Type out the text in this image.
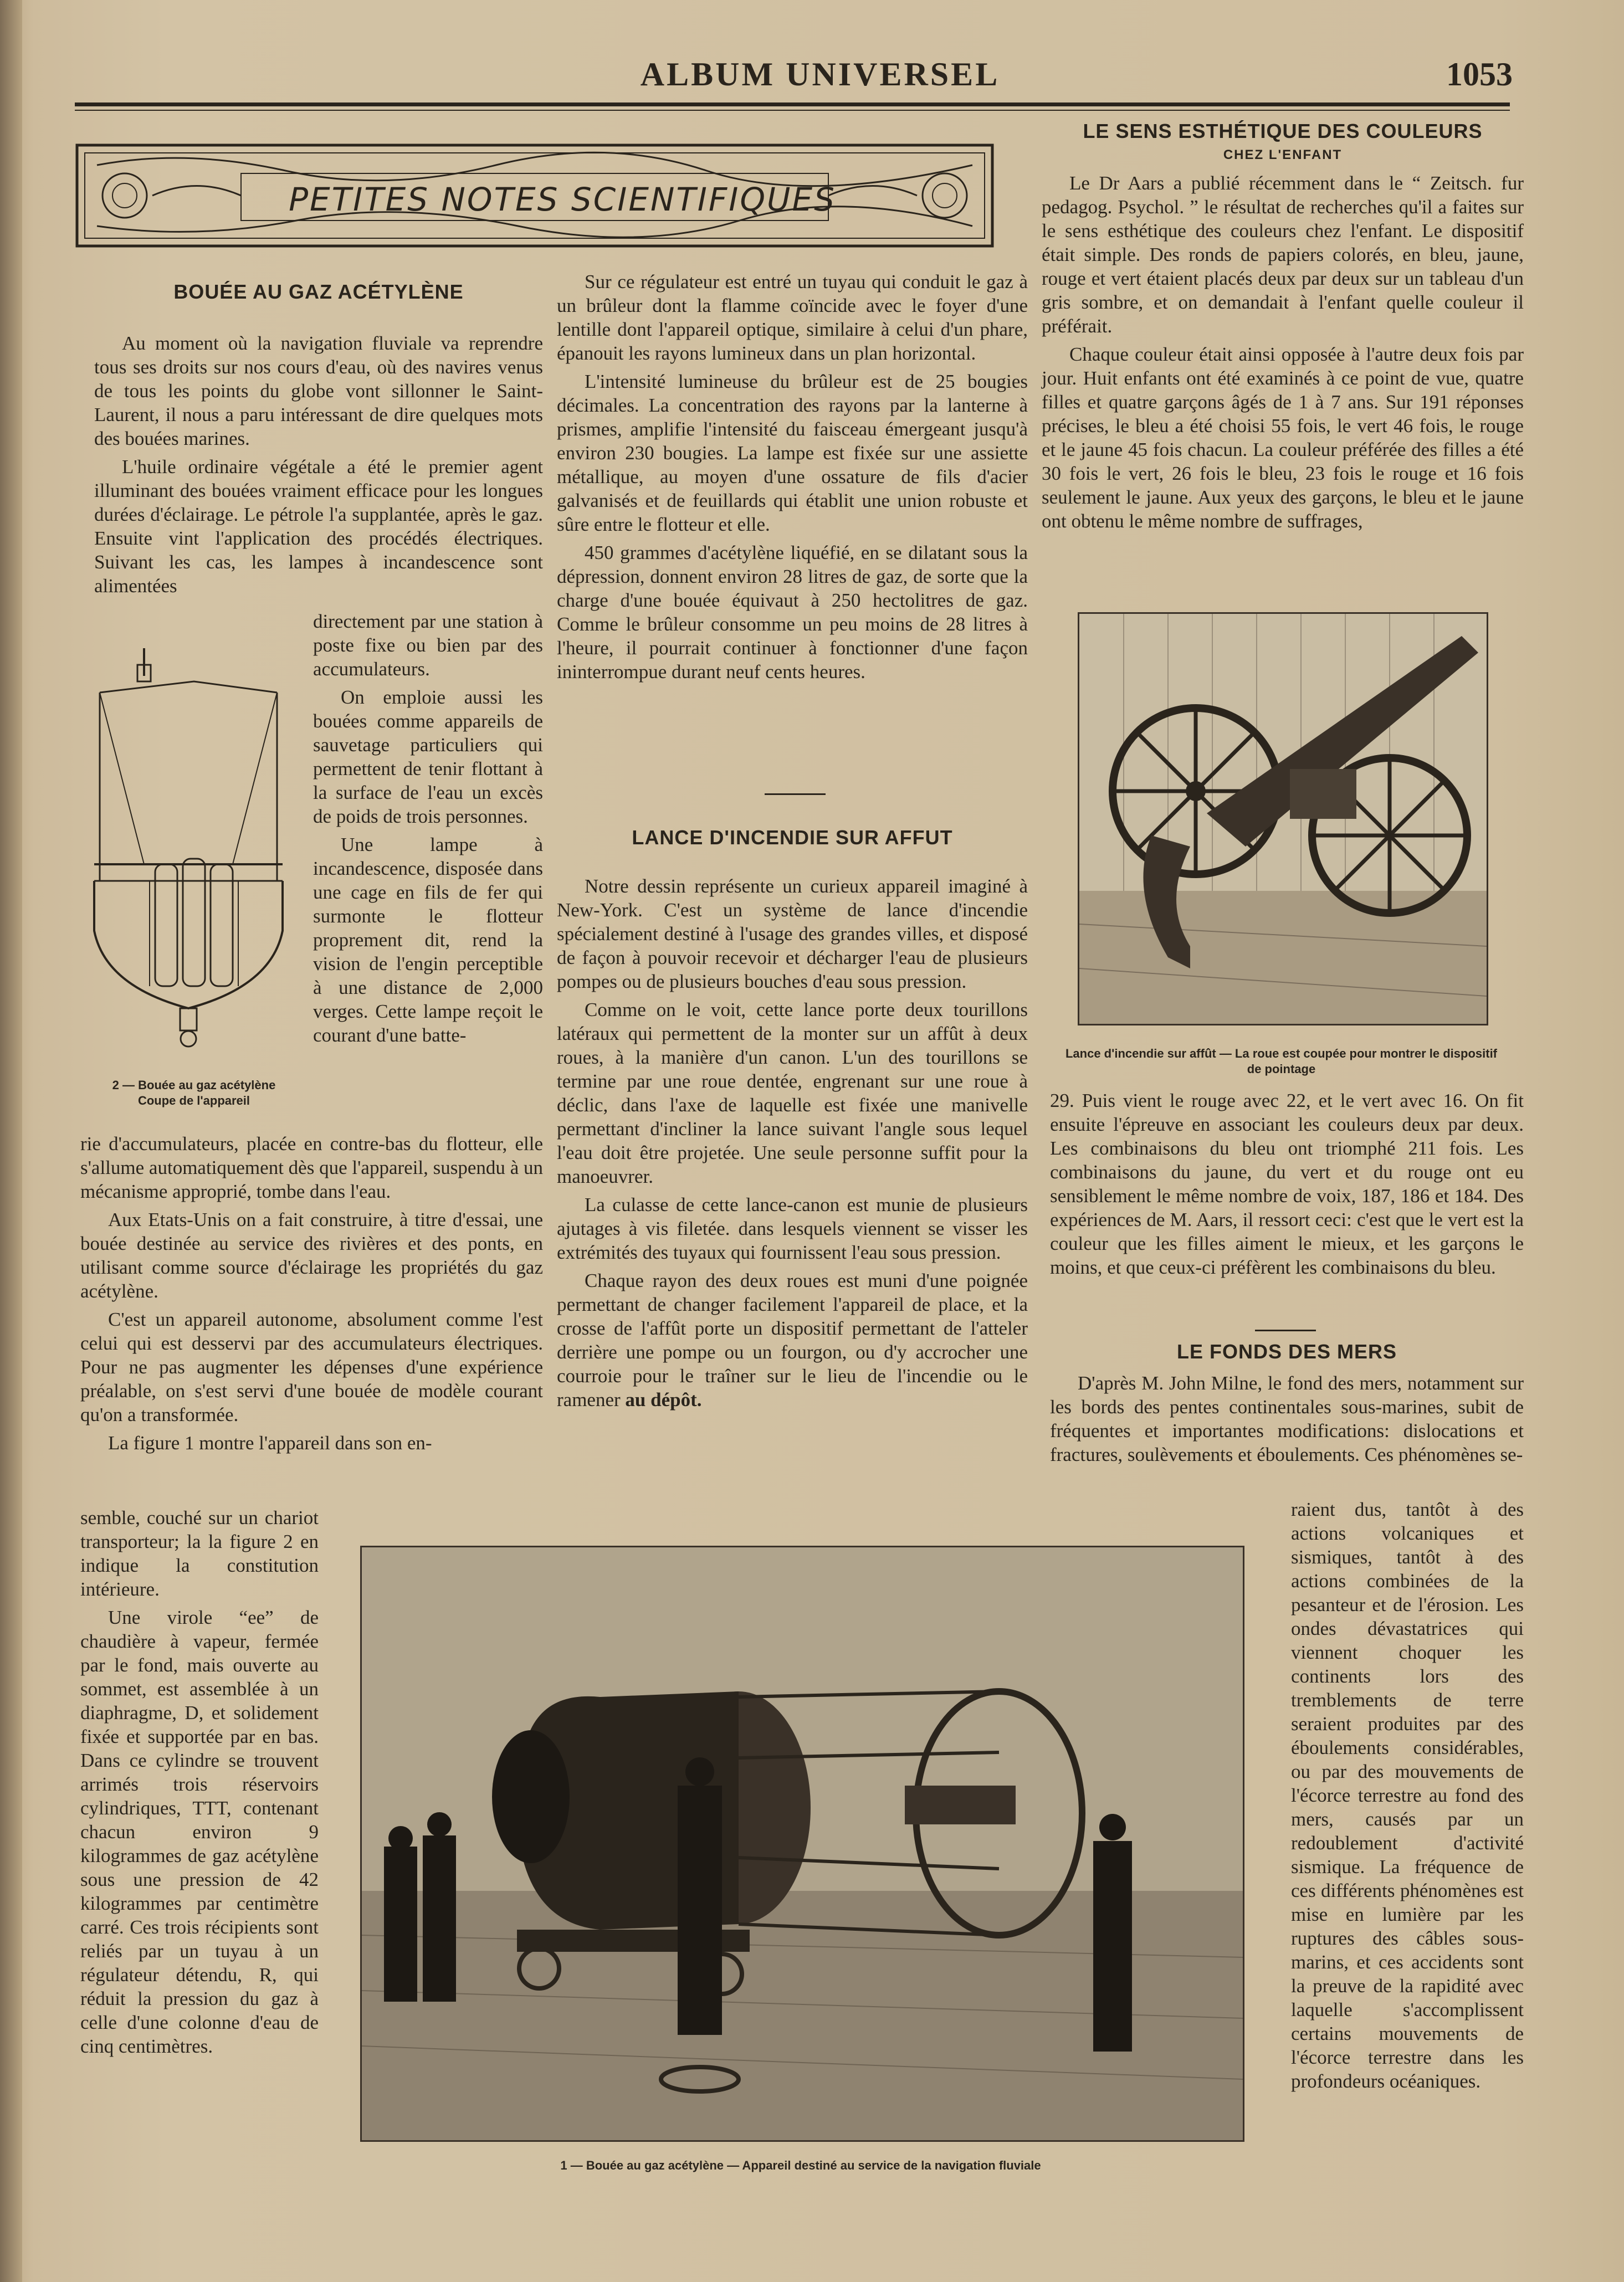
ALBUM UNIVERSEL	1053
PETITES NOTES SCIENTIFIQUES

BOUÉE AU GAZ ACÉTYLÈNE

Au moment où la navigation fluviale va reprendre tous ses droits sur nos cours d'eau, où des navires venus de tous les points du globe vont sillonner le Saint-Laurent, il nous a paru intéressant de dire quelques mots des bouées marines.

L'huile ordinaire végétale a été le premier agent illuminant des bouées vraiment efficace pour les longues durées d'éclairage. Le pétrole l'a supplantée, après le gaz. Ensuite vint l'application des procédés électriques. Suivant les cas, les lampes à incandescence sont alimentées

2 — Bouée au gaz acétylène
Coupe de l'appareil

directement par une station à poste fixe ou bien par des accumulateurs.

On emploie aussi les bouées comme appareils de sauvetage particuliers qui permettent de tenir flottant à la surface de l'eau un excès de poids de trois personnes.

Une lampe à incandescence, disposée dans une cage en fils de fer qui surmonte le flotteur proprement dit, rend la vision de l'engin perceptible à une distance de 2,000 verges. Cette lampe reçoit le courant d'une batte-

rie d'accumulateurs, placée en contre-bas du flotteur, elle s'allume automatiquement dès que l'appareil, suspendu à un mécanisme approprié, tombe dans l'eau.

Aux Etats-Unis on a fait construire, à titre d'essai, une bouée destinée au service des rivières et des ponts, en utilisant comme source d'éclairage les propriétés du gaz acétylène.

C'est un appareil autonome, absolument comme l'est celui qui est desservi par des accumulateurs électriques. Pour ne pas augmenter les dépenses d'une expérience préalable, on s'est servi d'une bouée de modèle courant qu'on a transformée.

La figure 1 montre l'appareil dans son en-

semble, couché sur un chariot transporteur; la la figure 2 en indique la constitution intérieure.

Une virole “ee” de chaudière à vapeur, fermée par le fond, mais ouverte au sommet, est assemblée à un diaphragme, D, et solidement fixée et supportée par en bas. Dans ce cylindre se trouvent arrimés trois réservoirs cylindriques, TTT, contenant chacun environ 9 kilogrammes de gaz acétylène sous une pression de 42 kilogrammes par centimètre carré. Ces trois récipients sont reliés par un tuyau à un régulateur détendu, R, qui réduit la pression du gaz à celle d'une colonne d'eau de cinq centimètres.

Sur ce régulateur est entré un tuyau qui conduit le gaz à un brûleur dont la flamme coïncide avec le foyer d'une lentille dont l'appareil optique, similaire à celui d'un phare, épanouit les rayons lumineux dans un plan horizontal.

L'intensité lumineuse du brûleur est de 25 bougies décimales. La concentration des rayons par la lanterne à prismes, amplifie l'intensité du faisceau émergeant jusqu'à environ 230 bougies. La lampe est fixée sur une assiette métallique, au moyen d'une ossature de fils d'acier galvanisés et de feuillards qui établit une union robuste et sûre entre le flotteur et elle.

450 grammes d'acétylène liquéfié, en se dilatant sous la dépression, donnent environ 28 litres de gaz, de sorte que la charge d'une bouée équivaut à 250 hectolitres de gaz. Comme le brûleur consomme un peu moins de 28 litres à l'heure, il pourrait continuer à fonctionner d'une façon ininterrompue durant neuf cents heures.

LANCE D'INCENDIE SUR AFFUT

Notre dessin représente un curieux appareil imaginé à New-York. C'est un système de lance d'incendie spécialement destiné à l'usage des grandes villes, et disposé de façon à pouvoir recevoir et décharger l'eau de plusieurs pompes ou de plusieurs bouches d'eau sous pression.

Comme on le voit, cette lance porte deux tourillons latéraux qui permettent de la monter sur un affût à deux roues, à la manière d'un canon. L'un des tourillons se termine par une roue dentée, engrenant sur une roue à déclic, dans l'axe de laquelle est fixée une manivelle permettant d'incliner la lance suivant l'angle sous lequel l'eau doit être projetée. Une seule personne suffit pour la manoeuvrer.

La culasse de cette lance-canon est munie de plusieurs ajutages à vis filetée. dans lesquels viennent se visser les extrémités des tuyaux qui fournissent l'eau sous pression.

Chaque rayon des deux roues est muni d'une poignée permettant de changer facilement l'appareil de place, et la crosse de l'affût porte un dispositif permettant de l'atteler derrière une pompe ou un fourgon, ou d'y accrocher une courroie pour le traîner sur le lieu de l'incendie ou le ramener au dépôt.

LE SENS ESTHÉTIQUE DES COULEURS

CHEZ L'ENFANT

Le Dr Aars a publié récemment dans le “ Zeitsch. fur pedagog. Psychol. ” le résultat de recherches qu'il a faites sur le sens esthétique des couleurs chez l'enfant. Le dispositif était simple. Des ronds de papiers colorés, en bleu, jaune, rouge et vert étaient placés deux par deux sur un tableau d'un gris sombre, et on demandait à l'enfant quelle couleur il préférait.

Chaque couleur était ainsi opposée à l'autre deux fois par jour. Huit enfants ont été examinés à ce point de vue, quatre filles et quatre garçons âgés de 1 à 7 ans. Sur 191 réponses précises, le bleu a été choisi 55 fois, le vert 46 fois, le rouge et le jaune 45 fois chacun. La couleur préférée des filles a été 30 fois le vert, 26 fois le bleu, 23 fois le rouge et 16 fois seulement le jaune. Aux yeux des garçons, le bleu et le jaune ont obtenu le même nombre de suffrages,

Lance d'incendie sur affût — La roue est coupée pour montrer le dispositif de pointage

29. Puis vient le rouge avec 22, et le vert avec 16. On fit ensuite l'épreuve en associant les couleurs deux par deux. Les combinaisons du bleu ont triomphé 211 fois. Les combinaisons du jaune, du vert et du rouge ont eu sensiblement le même nombre de voix, 187, 186 et 184. Des expériences de M. Aars, il ressort ceci: c'est que le vert est la couleur que les filles aiment le mieux, et les garçons le moins, et que ceux-ci préfèrent les combinaisons du bleu.

LE FONDS DES MERS

D'après M. John Milne, le fond des mers, notamment sur les bords des pentes continentales sous-marines, subit de fréquentes et importantes modifications: dislocations et fractures, soulèvements et éboulements. Ces phénomènes se-

raient dus, tantôt à des actions volcaniques et sismiques, tantôt à des actions combinées de la pesanteur et de l'érosion. Les ondes dévastatrices qui viennent choquer les continents lors des tremblements de terre seraient produites par des éboulements considérables, ou par des mouvements de l'écorce terrestre au fond des mers, causés par un redoublement d'activité sismique. La fréquence de ces différents phénomènes est mise en lumière par les ruptures des câbles sous-marins, et ces accidents sont la preuve de la rapidité avec laquelle s'accomplissent certains mouvements de l'écorce terrestre dans les profondeurs océaniques.

1 — Bouée au gaz acétylène — Appareil destiné au service de la navigation fluviale
